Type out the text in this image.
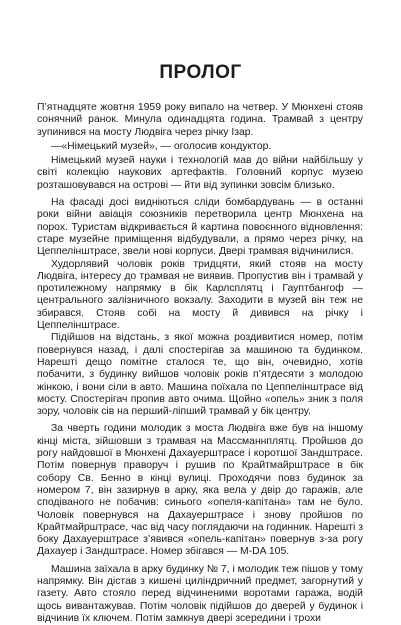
ПРОЛОГ

П’ятнадцяте жовтня 1959 року випало на четвер. У Мюнхені стояв сонячний ранок. Минула одинадцята година. Трамвай з центру зупинився на мосту Людвіга через річку Ізар.

—«Німецький музей», — оголосив кондуктор.

Німецький музей науки і технологій мав до війни найбільшу у світі колекцію наукових артефактів. Головний корпус музею розташовувався на острові — йти від зупинки зовсім близько.

На фасаді досі видніються сліди бомбардувань — в останні роки війни авіація союзників перетворила центр Мюнхена на порох. Туристам відкривається й картина повоєнного відновлення: старе музейне приміщення відбудували, а прямо через річку, на Цеппелінштрасе, звели нові корпуси. Двері трамвая відчинилися.

Худорлявий чоловік років тридцяти, який стояв на мосту Людвіга, інтересу до трамвая не виявив. Пропустив він і трамвай у протилежному напрямку в бік Карлсплятц і Гауптбангоф — центрального залізничного вокзалу. Заходити в музей він теж не збирався. Стояв собі на мосту й дивився на річку і Цеппелінштрасе.

Підійшов на відстань, з якої можна роздивитися номер, потім повернувся назад, і далі спостерігав за машиною та будинком. Нарешті дещо помітне сталося те, що він, очевидно, хотів побачити, з будинку вийшов чоловік років п’ятдесяти з молодою жінкою, і вони сіли в авто. Машина поїхала по Цеппелінштрасе від мосту. Спостерігач пропив авто очима. Щойно «опель» зник з поля зору, чоловік сів на перший-ліпший трамвай у бік центру.

За чверть години молодик з моста Людвіга вже був на іншому кінці міста, зійшовши з трамвая на Массманнплятц. Пройшов до рогу найдовшої в Мюнхені Дахауерштрасе і коротшої Зандштрасе. Потім повернув праворуч і рушив по Крайтмайрштрасе в бік собору Св. Бенно в кінці вулиці. Проходячи повз будинок за номером 7, він зазирнув в арку, яка вела у двір до гаражів, але сподіваного не побачив: синього «опеля-капітана» там не було. Чоловік повернувся на Дахауерштрасе і знову пройшов по Крайтмайрштрасе, час від часу поглядаючи на годинник. Нарешті з боку Дахауерштрасе з’явився «опель-капітан» повернув з-за рогу Дахауер і Зандштрасе. Номер збігався — M-DA 105.

Машина заїхала в арку будинку № 7, і молодик теж пішов у тому напрямку. Він дістав з кишені циліндричний предмет, загорнутий у газету. Авто стояло перед відчиненими воротами гаража, водій щось вивантажував. Потім чоловік підійшов до дверей у будинок і відчинив їх ключем. Потім замкнув двері зсередини і трохи
